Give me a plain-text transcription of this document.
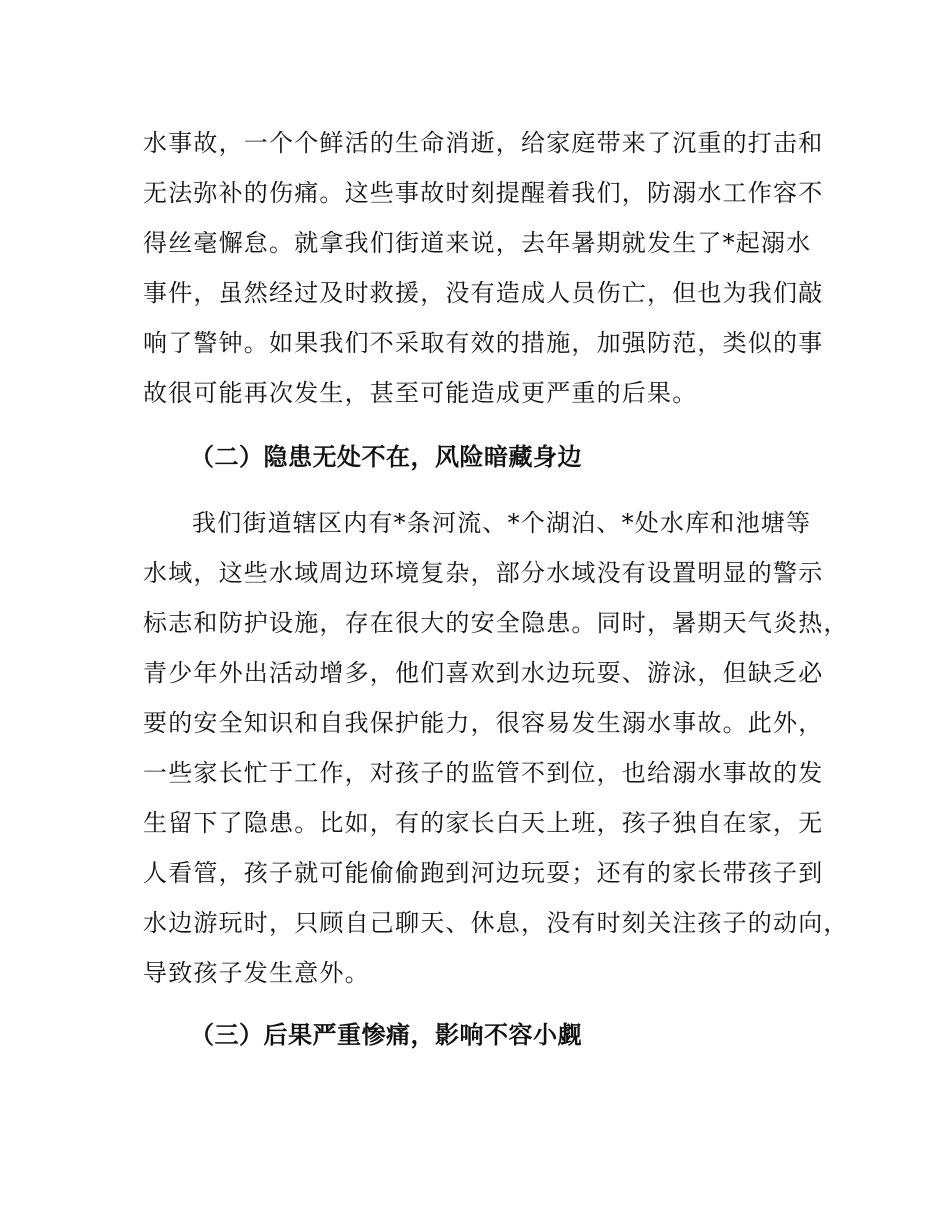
水事故，一个个鲜活的生命消逝，给家庭带来了沉重的打击和
无法弥补的伤痛。这些事故时刻提醒着我们，防溺水工作容不
得丝毫懈怠。就拿我们街道来说，去年暑期就发生了*起溺水
事件，虽然经过及时救援，没有造成人员伤亡，但也为我们敲
响了警钟。如果我们不采取有效的措施，加强防范，类似的事
故很可能再次发生，甚至可能造成更严重的后果。
（二）隐患无处不在，风险暗藏身边
我们街道辖区内有*条河流、*个湖泊、*处水库和池塘等
水域，这些水域周边环境复杂，部分水域没有设置明显的警示
标志和防护设施，存在很大的安全隐患。同时，暑期天气炎热，
青少年外出活动增多，他们喜欢到水边玩耍、游泳，但缺乏必
要的安全知识和自我保护能力，很容易发生溺水事故。此外，
一些家长忙于工作，对孩子的监管不到位，也给溺水事故的发
生留下了隐患。比如，有的家长白天上班，孩子独自在家，无
人看管，孩子就可能偷偷跑到河边玩耍；还有的家长带孩子到
水边游玩时，只顾自己聊天、休息，没有时刻关注孩子的动向，
导致孩子发生意外。
（三）后果严重惨痛，影响不容小觑
